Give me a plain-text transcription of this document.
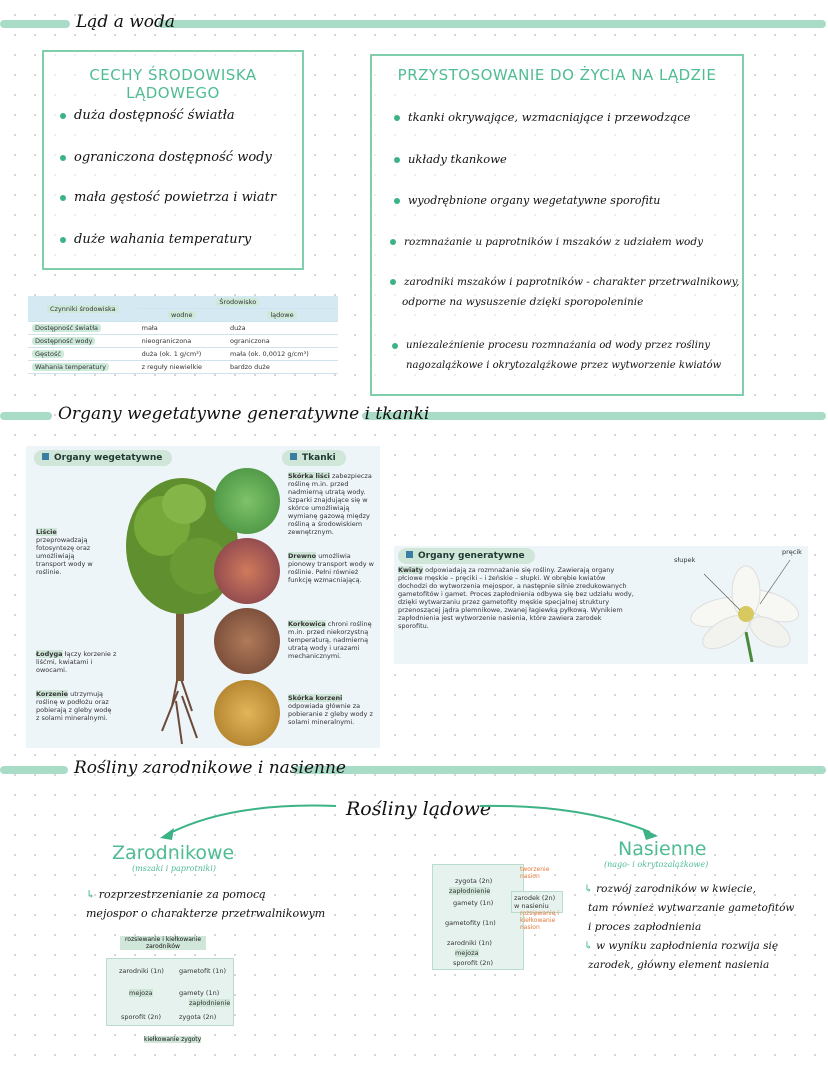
Ląd a woda
CECHY ŚRODOWISKA LĄDOWEGO
duża dostępność światła
ograniczona dostępność wody
mała gęstość powietrza i wiatr
duże wahania temperatury
PRZYSTOSOWANIE DO ŻYCIA NA LĄDZIE
tkanki okrywające, wzmacniające i przewodzące
układy tkankowe
wyodrębnione organy wegetatywne sporofitu
rozmnażanie u paprotników i mszaków z udziałem wody
zarodniki mszaków i paprotników - charakter przetrwalnikowy,
odporne na wysuszenie dzięki sporopoleninie
uniezależnienie procesu rozmnażania od wody przez rośliny
nagozalążkowe i okrytozalążkowe przez wytworzenie kwiatów
Czynniki środowiska	Środowisko	
	wodne	lądowe
Dostępność światła	mała	duża
Dostępność wody	nieograniczona	ograniczona
Gęstość	duża (ok. 1 g/cm³)	mała (ok. 0,0012 g/cm³)
Wahania temperatury	z reguły niewielkie	bardzo duże
Organy wegetatywne generatywne i tkanki
Organy wegetatywne	Tkanki
Liście
przeprowadzają fotosyntezę oraz umożliwiają transport wody w roślinie.
Łodyga łączy korzenie z liśćmi, kwiatami i owocami.
Korzenie utrzymują roślinę w podłożu oraz pobierają z gleby wodę z solami mineralnymi.
Skórka liści zabezpiecza roślinę m.in. przed nadmierną utratą wody. Szparki znajdujące się w skórce umożliwiają wymianę gazową między rośliną a środowiskiem zewnętrznym.
Drewno umożliwia pionowy transport wody w roślinie. Pełni również funkcję wzmacniającą.
Korkowica chroni roślinę m.in. przed niekorzystną temperaturą, nadmierną utratą wody i urazami mechanicznymi.
Skórka korzeni odpowiada głównie za pobieranie z gleby wody z solami mineralnymi.
Organy generatywne
Kwiaty odpowiadają za rozmnażanie się rośliny. Zawierają organy płciowe męskie – pręciki – i żeńskie – słupki. W obrębie kwiatów dochodzi do wytworzenia mejospor, a następnie silnie zredukowanych gametofitów i gamet. Proces zapłodnienia odbywa się bez udziału wody, dzięki wytwarzaniu przez gametofity męskie specjalnej struktury przenoszącej jądra plemnikowe, zwanej łagiewką pyłkową. Wynikiem zapłodnienia jest wytworzenie nasienia, które zawiera zarodek sporofitu.
słupek
pręcik
Rośliny zarodnikowe i nasienne
Rośliny lądowe
Zarodnikowe
(mszaki i paprotniki)
↳ rozprzestrzenianie za pomocą
mejospor o charakterze przetrwalnikowym
Nasienne
(nago- i okrytozalążkowe)
↳ rozwój zarodników w kwiecie,
tam również wytwarzanie gametofitów
i proces zapłodnienia
↳ w wyniku zapłodnienia rozwija się
zarodek, główny element nasienia
zarodniki (1n) gametofit (1n)
mejoza	gamety (1n)
zapłodnienie
sporofit (2n)	zygota (2n)
rozsiewanie i kiełkowanie zarodników
kiełkowanie zygoty
zygota (2n)
zapłodnienie
gamety (1n)
gametofity (1n)
zarodniki (1n)
mejoza
sporofit (2n)
zarodek (2n) w nasieniu
tworzenie nasion
rozsiewanie i kiełkowanie nasion
